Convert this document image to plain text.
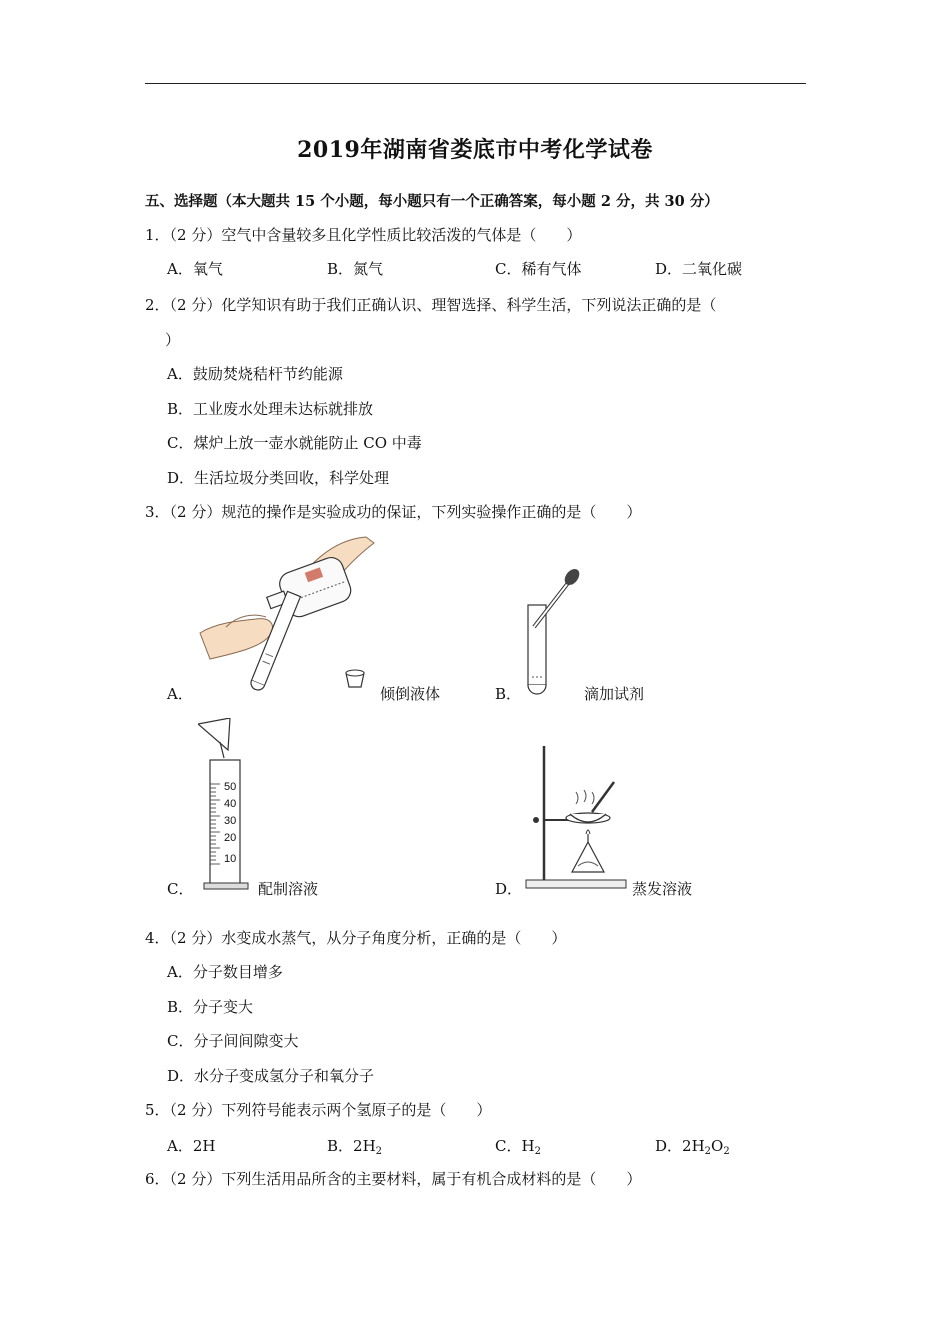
2019年湖南省娄底市中考化学试卷
五、选择题（本大题共 15 个小题，每小题只有一个正确答案，每小题 2 分，共 30 分）
1．（2 分）空气中含量较多且化学性质比较活泼的气体是（　　）
A．氧气	B．氮气	C．稀有气体	D．二氧化碳
2．（2 分）化学知识有助于我们正确认识、理智选择、科学生活，下列说法正确的是（
）
A．鼓励焚烧秸杆节约能源
B．工业废水处理未达标就排放
C．煤炉上放一壶水就能防止 CO 中毒
D．生活垃圾分类回收，科学处理
3．（2 分）规范的操作是实验成功的保证，下列实验操作正确的是（　　）
A．	B．
C．	D．
倾倒液体	滴加试剂
配制溶液	蒸发溶液
50
40
30
20
10
4．（2 分）水变成水蒸气，从分子角度分析，正确的是（　　）
A．分子数目增多
B．分子变大
C．分子间间隙变大
D．水分子变成氢分子和氧分子
5．（2 分）下列符号能表示两个氢原子的是（　　）
A．2H	B．$2H_2$	C．$H_2$	D．$2H_2O_2$
6．（2 分）下列生活用品所含的主要材料，属于有机合成材料的是（　　）
